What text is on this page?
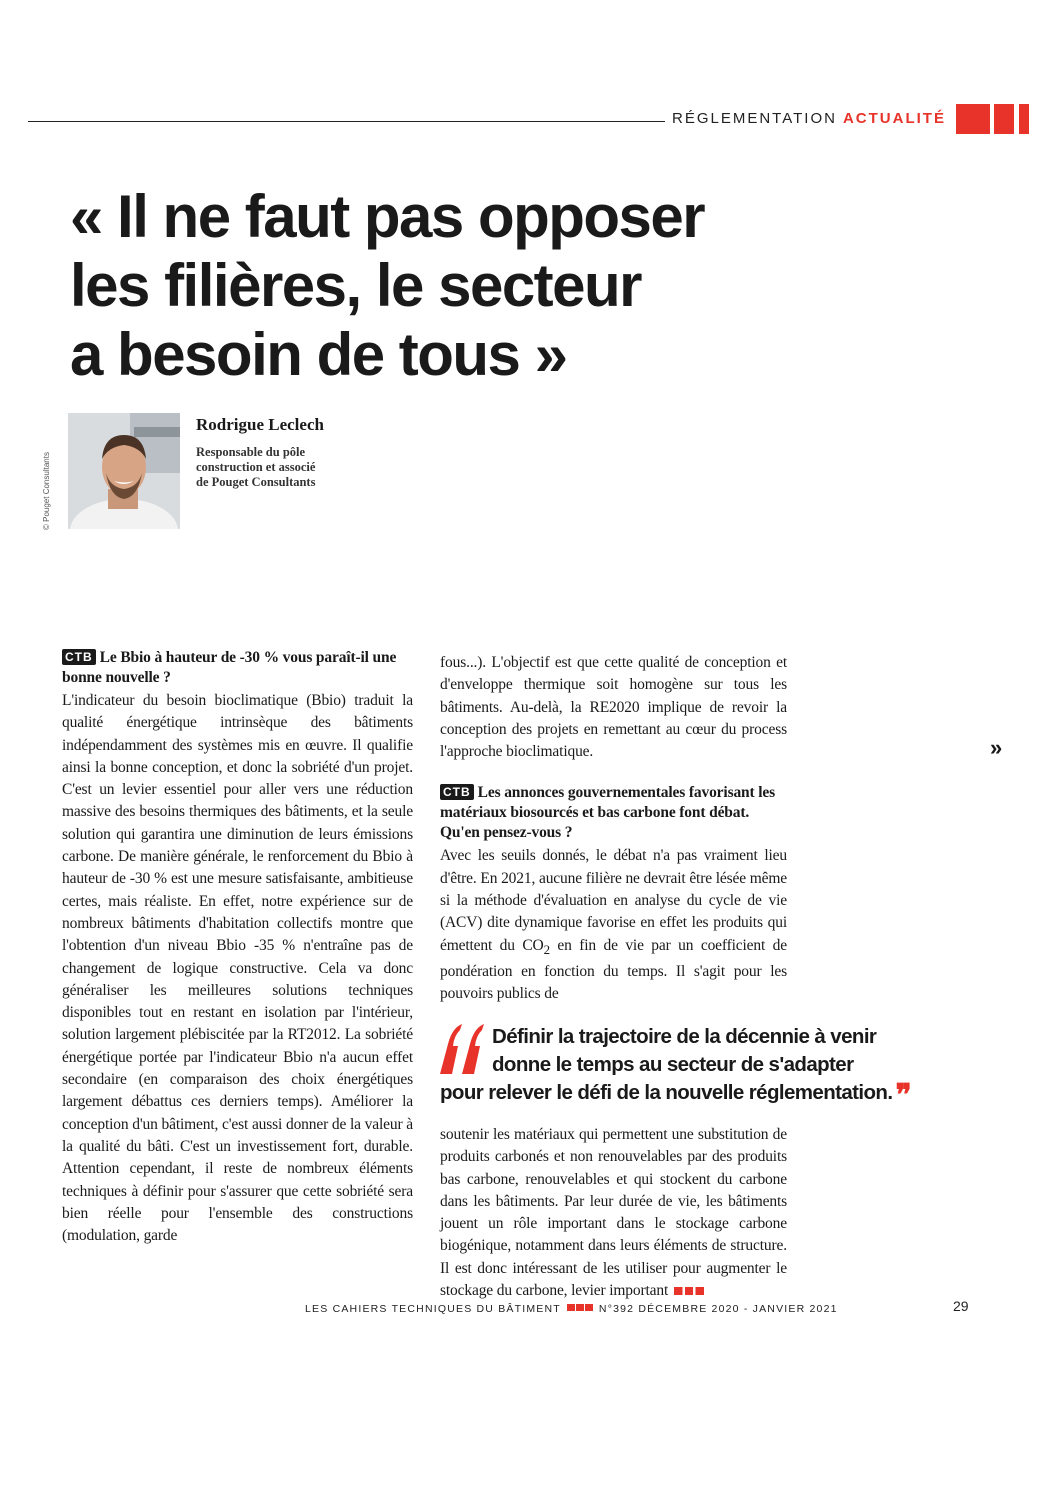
RÉGLEMENTATION ACTUALITÉ
« Il ne faut pas opposer
les filières, le secteur
a besoin de tous »
© Pouget Consultants
Rodrigue Leclech
Responsable du pôle
construction et associé
de Pouget Consultants

CTB Le Bbio à hauteur de -30 % vous paraît-il une bonne nouvelle ?

L'indicateur du besoin bioclimatique (Bbio) traduit la qualité énergétique intrinsèque des bâtiments indépendamment des systèmes mis en œuvre. Il qualifie ainsi la bonne conception, et donc la sobriété d'un projet. C'est un levier essentiel pour aller vers une réduction massive des besoins thermiques des bâtiments, et la seule solution qui garantira une diminution de leurs émissions carbone. De manière générale, le renforcement du Bbio à hauteur de -30 % est une mesure satisfaisante, ambitieuse certes, mais réaliste. En effet, notre expérience sur de nombreux bâtiments d'habitation collectifs montre que l'obtention d'un niveau Bbio -35 % n'entraîne pas de changement de logique constructive. Cela va donc généraliser les meilleures solutions techniques disponibles tout en restant en isolation par l'intérieur, solution largement plébiscitée par la RT2012. La sobriété énergétique portée par l'indicateur Bbio n'a aucun effet secondaire (en comparaison des choix énergétiques largement débattus ces derniers temps). Améliorer la conception d'un bâtiment, c'est aussi donner de la valeur à la qualité du bâti. C'est un investissement fort, durable. Attention cependant, il reste de nombreux éléments techniques à définir pour s'assurer que cette sobriété sera bien réelle pour l'ensemble des constructions (modulation, garde

fous...). L'objectif est que cette qualité de conception et d'enveloppe thermique soit homogène sur tous les bâtiments. Au-delà, la RE2020 implique de revoir la conception des projets en remettant au cœur du process l'approche bioclimatique.

CTB Les annonces gouvernementales favorisant les matériaux biosourcés et bas carbone font débat. Qu'en pensez-vous ?

Avec les seuils donnés, le débat n'a pas vraiment lieu d'être. En 2021, aucune filière ne devrait être lésée même si la méthode d'évaluation en analyse du cycle de vie (ACV) dite dynamique favorise en effet les produits qui émettent du $CO_2$ en fin de vie par un coefficient de pondération en fonction du temps. Il s'agit pour les pouvoirs publics de

»

Définir la trajectoire de la décennie à venir
donne le temps au secteur de s'adapter
pour relever le défi de la nouvelle réglementation. ❞

soutenir les matériaux qui permettent une substitution de produits carbonés et non renouvelables par des produits bas carbone, renouvelables et qui stockent du carbone dans les bâtiments. Par leur durée de vie, les bâtiments jouent un rôle important dans le stockage carbone biogénique, notamment dans leurs éléments de structure. Il est donc intéressant de les utiliser pour augmenter le stockage du carbone, levier important

LES CAHIERS TECHNIQUES DU BÂTIMENT	N°392 DÉCEMBRE 2020 - JANVIER 2021	29
